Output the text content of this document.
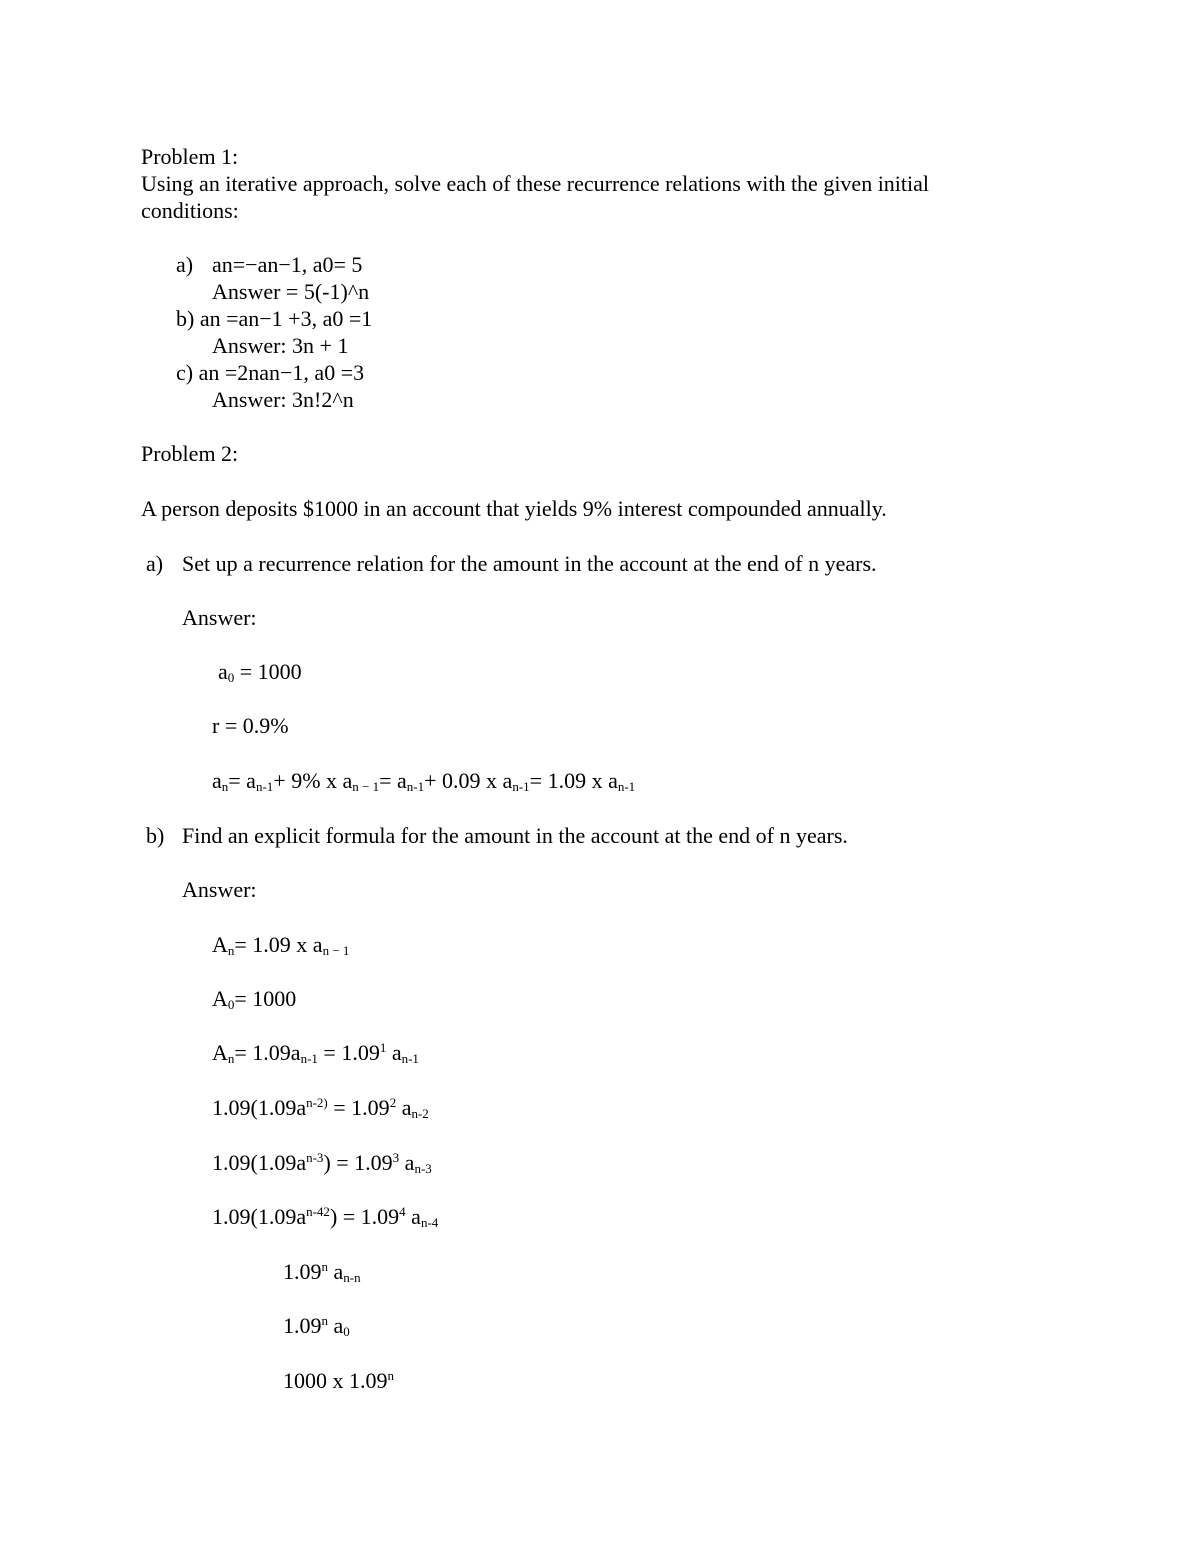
Problem 1:
Using an iterative approach, solve each of these recurrence relations with the given initial
conditions:
a) an=−an−1, a0= 5
Answer = 5(-1)^n
b) an =an−1 +3, a0 =1
Answer: 3n + 1
c) an =2nan−1, a0 =3
Answer: 3n!2^n
Problem 2:
A person deposits $1000 in an account that yields 9% interest compounded annually.
a) Set up a recurrence relation for the amount in the account at the end of n years.
Answer:
$a_0 = 1000$
r = 0.9%
$a_n= a_{n-1}+ 9\%$ x $a_{n - 1}= a_{n-1}+ 0.09$ x $a_{n-1}= 1.09$ x $a_{n-1}$
b) Find an explicit formula for the amount in the account at the end of n years.
Answer:
$A_n= 1.09$ x $a_{n - 1}$
$A_0= 1000$
$A_n= 1.09a_{n-1} = 1.09^1$ $a_{n-1}$
$1.09(1.09a^{n-2)} = 1.09^2$ $a_{n-2}$
$1.09(1.09a^{n-3}) = 1.09^3$ $a_{n-3}$
$1.09(1.09a^{n-42}) = 1.09^4$ $a_{n-4}$
1.09$^n$ $a_{n-n}$
1.09$^n$ $a_0$
1000 x 1.09$^n$
